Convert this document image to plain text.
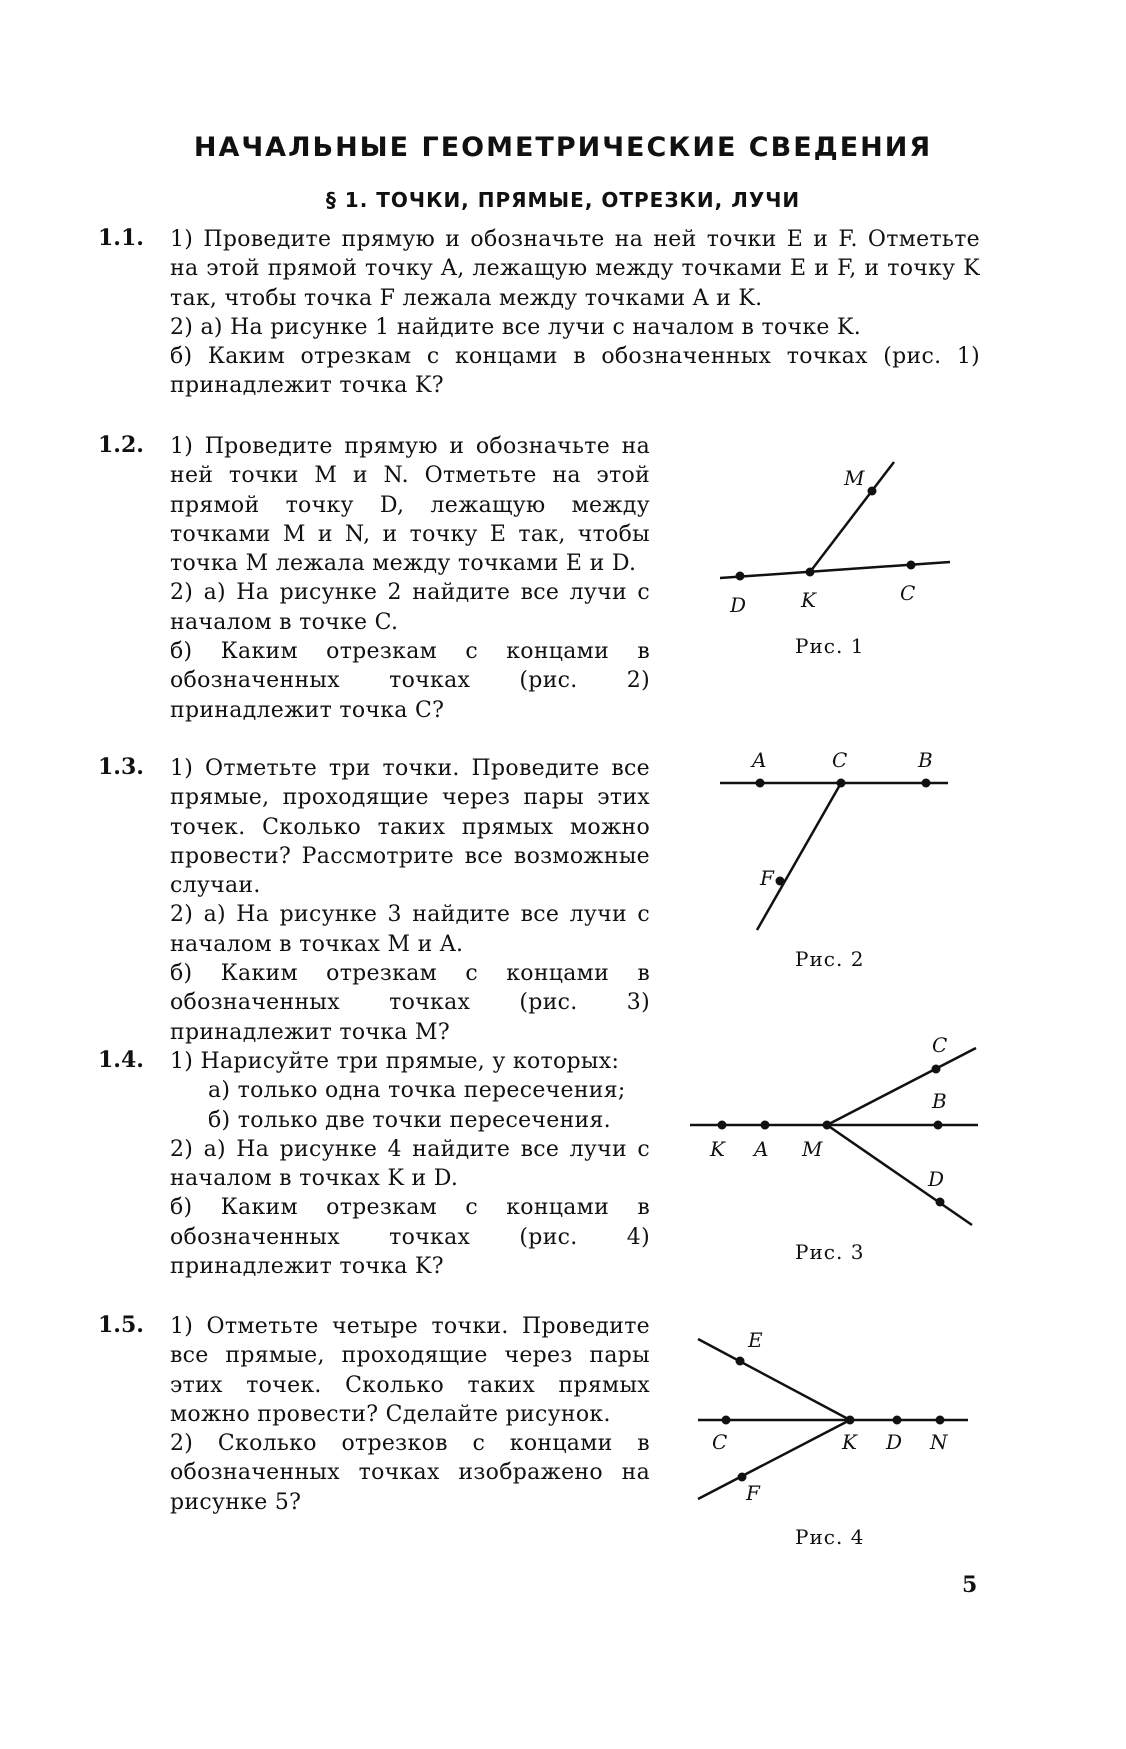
НАЧАЛЬНЫЕ ГЕОМЕТРИЧЕСКИЕ СВЕДЕНИЯ
§ 1. ТОЧКИ, ПРЯМЫЕ, ОТРЕЗКИ, ЛУЧИ
1.1. 1) Проведите прямую и обозначьте на ней точки E и F. Отметьте на этой прямой точку A, лежащую между точками E и F, и точку K так, чтобы точка F лежала между точками A и K.
2) а) На рисунке 1 найдите все лучи с началом в точке K.
б) Каким отрезкам с концами в обозначенных точках (рис. 1) принадлежит точка K?
1.2. 1) Проведите прямую и обозначьте на ней точки M и N. Отметьте на этой прямой точку D, лежащую между точками M и N, и точку E так, чтобы точка M лежала между точками E и D.
2) а) На рисунке 2 найдите все лучи с началом в точке C.
б) Каким отрезкам с концами в обозначенных точках (рис. 2) принадлежит точка C?
1.3. 1) Отметьте три точки. Проведите все прямые, проходящие через пары этих точек. Сколько таких прямых можно провести? Рассмотрите все возможные случаи.
2) а) На рисунке 3 найдите все лучи с началом в точках M и A.
б) Каким отрезкам с концами в обозначенных точках (рис. 3) принадлежит точка M?
1.4. 1) Нарисуйте три прямые, у которых:
а) только одна точка пересечения;
б) только две точки пересечения.
2) а) На рисунке 4 найдите все лучи с началом в точках K и D.
б) Каким отрезкам с концами в обозначенных точках (рис. 4) принадлежит точка K?
1.5. 1) Отметьте четыре точки. Проведите все прямые, проходящие через пары этих точек. Сколько таких прямых можно провести? Сделайте рисунок.
2) Сколько отрезков с концами в обозначенных точках изображено на рисунке 5?
M
D	K	C
Рис. 1
A	C	B
F
Рис. 2
C
B
K A M
D
Рис. 3
E
C	K D N
F
Рис. 4
5
